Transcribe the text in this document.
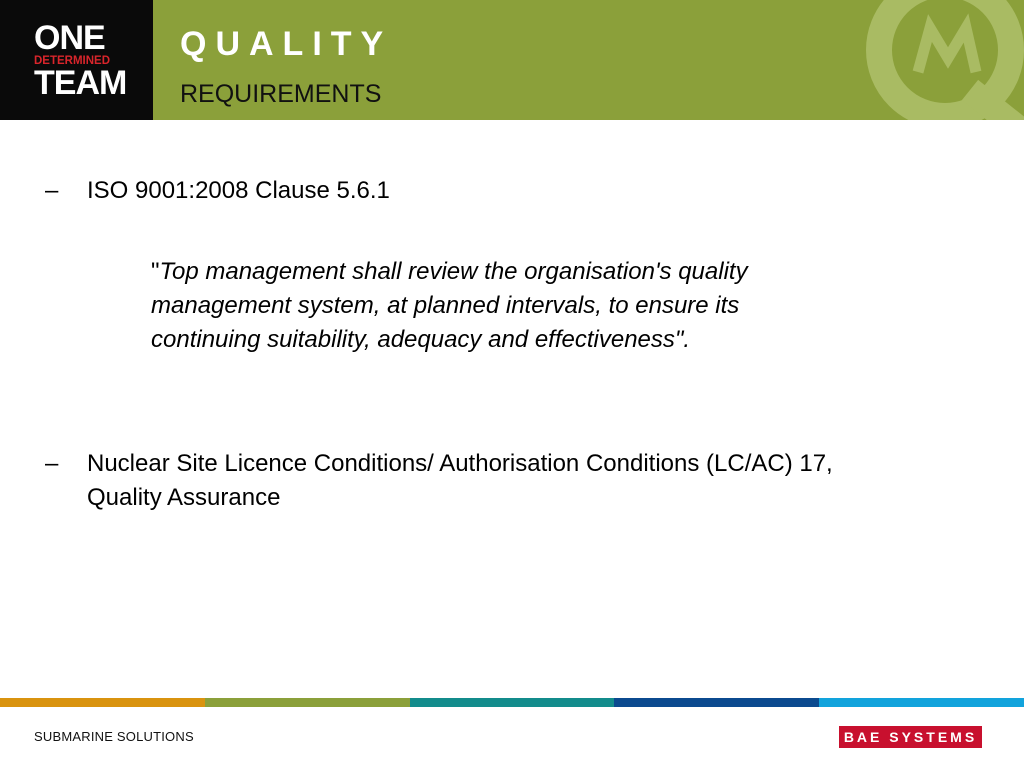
ONE
DETERMINED
TEAM
QUALITY
REQUIREMENTS
– ISO 9001:2008 Clause 5.6.1
"Top management shall review the organisation's quality
management system, at planned intervals, to ensure its
continuing suitability, adequacy and effectiveness".
– Nuclear Site Licence Conditions/ Authorisation Conditions (LC/AC) 17,
Quality Assurance
SUBMARINE SOLUTIONS	BAE SYSTEMS
